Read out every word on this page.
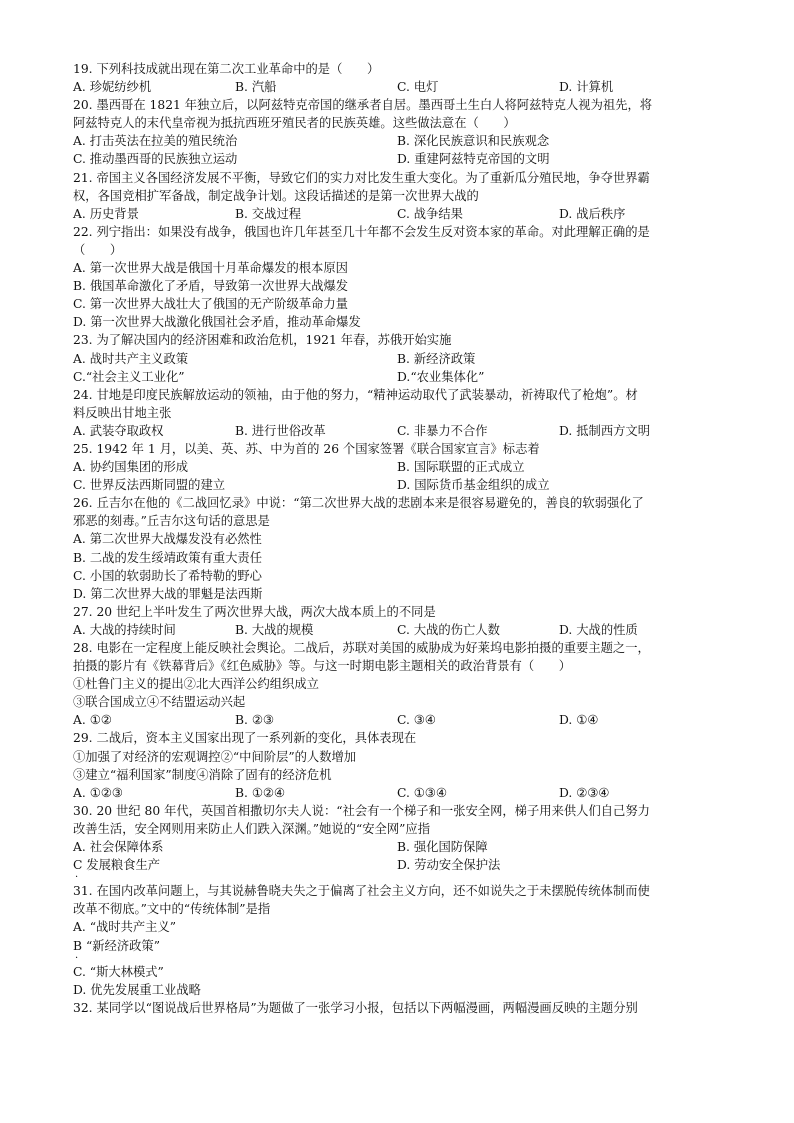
19. 下列科技成就出现在第二次工业革命中的是（　　）
A. 珍妮纺纱机	B. 汽船	C. 电灯	D. 计算机
20. 墨西哥在 1821 年独立后，以阿兹特克帝国的继承者自居。墨西哥土生白人将阿兹特克人视为祖先，将
阿兹特克人的末代皇帝视为抵抗西班牙殖民者的民族英雄。这些做法意在（　　）
A. 打击英法在拉美的殖民统治	B. 深化民族意识和民族观念
C. 推动墨西哥的民族独立运动	D. 重建阿兹特克帝国的文明
21. 帝国主义各国经济发展不平衡，导致它们的实力对比发生重大变化。为了重新瓜分殖民地，争夺世界霸
权，各国竞相扩军备战，制定战争计划。这段话描述的是第一次世界大战的
A. 历史背景	B. 交战过程	C. 战争结果	D. 战后秩序
22. 列宁指出：如果没有战争，俄国也许几年甚至几十年都不会发生反对资本家的革命。对此理解正确的是
（　　）
A. 第一次世界大战是俄国十月革命爆发的根本原因
B. 俄国革命激化了矛盾，导致第一次世界大战爆发
C. 第一次世界大战壮大了俄国的无产阶级革命力量
D. 第一次世界大战激化俄国社会矛盾，推动革命爆发
23. 为了解决国内的经济困难和政治危机，1921 年春，苏俄开始实施
A. 战时共产主义政策	B. 新经济政策
C.“社会主义工业化”	D.“农业集体化”
24. 甘地是印度民族解放运动的领袖，由于他的努力，“精神运动取代了武装暴动，祈祷取代了枪炮”。材
料反映出甘地主张
A. 武装夺取政权	B. 进行世俗改革	C. 非暴力不合作	D. 抵制西方文明
25. 1942 年 1 月，以美、英、苏、中为首的 26 个国家签署《联合国家宣言》标志着
A. 协约国集团的形成	B. 国际联盟的正式成立
C. 世界反法西斯同盟的建立	D. 国际货币基金组织的成立
26. 丘吉尔在他的《二战回忆录》中说：“第二次世界大战的悲剧本来是很容易避免的，善良的软弱强化了
邪恶的刻毒。”丘吉尔这句话的意思是
A. 第二次世界大战爆发没有必然性
B. 二战的发生绥靖政策有重大责任
C. 小国的软弱助长了希特勒的野心
D. 第二次世界大战的罪魁是法西斯
27. 20 世纪上半叶发生了两次世界大战，两次大战本质上的不同是
A. 大战的持续时间	B. 大战的规模	C. 大战的伤亡人数	D. 大战的性质
28. 电影在一定程度上能反映社会舆论。二战后，苏联对美国的威胁成为好莱坞电影拍摄的重要主题之一，
拍摄的影片有《铁幕背后》《红色威胁》等。与这一时期电影主题相关的政治背景有（　　）
①杜鲁门主义的提出②北大西洋公约组织成立
③联合国成立④不结盟运动兴起
A. ①②	B. ②③	C. ③④	D. ①④
29. 二战后，资本主义国家出现了一系列新的变化，具体表现在
①加强了对经济的宏观调控②“中间阶层”的人数增加
③建立“福利国家”制度④消除了固有的经济危机
A. ①②③	B. ①②④	C. ①③④	D. ②③④
30. 20 世纪 80 年代，英国首相撒切尔夫人说：“社会有一个梯子和一张安全网，梯子用来供人们自己努力
改善生活，安全网则用来防止人们跌入深渊。”她说的“安全网”应指
A. 社会保障体系	B. 强化国防保障
C 发展粮食生产	D. 劳动安全保护法
·
31. 在国内改革问题上，与其说赫鲁晓夫失之于偏离了社会主义方向，还不如说失之于未摆脱传统体制而使
改革不彻底。”文中的“传统体制”是指
A. “战时共产主义”
B “新经济政策”
·
C. “斯大林模式”
D. 优先发展重工业战略
32. 某同学以“图说战后世界格局”为题做了一张学习小报，包括以下两幅漫画，两幅漫画反映的主题分别
